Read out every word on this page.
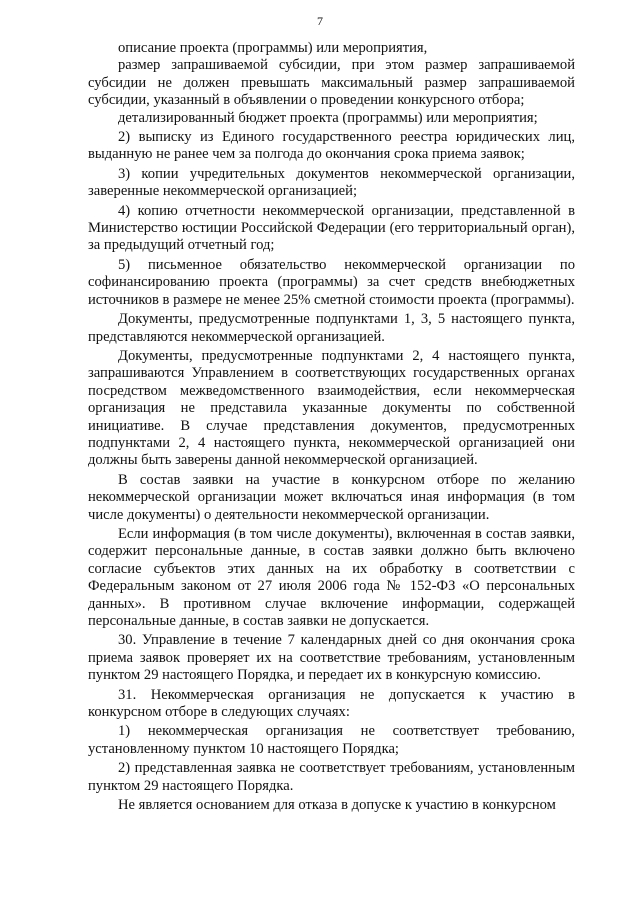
7

описание проекта (программы) или мероприятия,

размер запрашиваемой субсидии, при этом размер запрашиваемой субсидии не должен превышать максимальный размер запрашиваемой субсидии, указанный в объявлении о проведении конкурсного отбора;

детализированный бюджет проекта (программы) или мероприятия;

2) выписку из Единого государственного реестра юридических лиц, выданную не ранее чем за полгода до окончания срока приема заявок;

3) копии учредительных документов некоммерческой организации, заверенные некоммерческой организацией;

4) копию отчетности некоммерческой организации, представленной в Министерство юстиции Российской Федерации (его территориальный орган), за предыдущий отчетный год;

5) письменное обязательство некоммерческой организации по софинансированию проекта (программы) за счет средств внебюджетных источников в размере не менее 25% сметной стоимости проекта (программы).

Документы, предусмотренные подпунктами 1, 3, 5 настоящего пункта, представляются некоммерческой организацией.

Документы, предусмотренные подпунктами 2, 4 настоящего пункта, запрашиваются Управлением в соответствующих государственных органах посредством межведомственного взаимодействия, если некоммерческая организация не представила указанные документы по собственной инициативе. В случае представления документов, предусмотренных подпунктами 2, 4 настоящего пункта, некоммерческой организацией они должны быть заверены данной некоммерческой организацией.

В состав заявки на участие в конкурсном отборе по желанию некоммерческой организации может включаться иная информация (в том числе документы) о деятельности некоммерческой организации.

Если информация (в том числе документы), включенная в состав заявки, содержит персональные данные, в состав заявки должно быть включено согласие субъектов этих данных на их обработку в соответствии с Федеральным законом от 27 июля 2006 года № 152-ФЗ «О персональных данных». В противном случае включение информации, содержащей персональные данные, в состав заявки не допускается.

30. Управление в течение 7 календарных дней со дня окончания срока приема заявок проверяет их на соответствие требованиям, установленным пунктом 29 настоящего Порядка, и передает их в конкурсную комиссию.

31. Некоммерческая организация не допускается к участию в конкурсном отборе в следующих случаях:

1) некоммерческая организация не соответствует требованию, установленному пунктом 10 настоящего Порядка;

2) представленная заявка не соответствует требованиям, установленным пунктом 29 настоящего Порядка.

Не является основанием для отказа в допуске к участию в конкурсном
